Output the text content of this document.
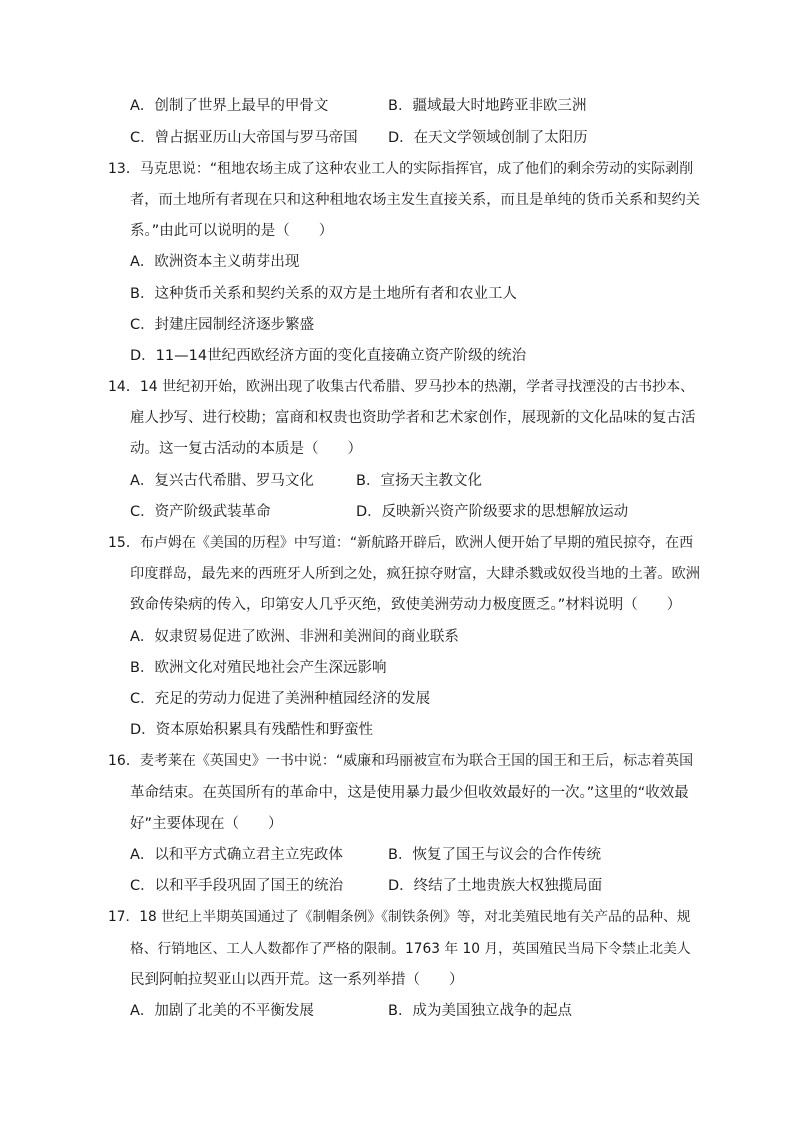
A．创制了世界上最早的甲骨文	B．疆域最大时地跨亚非欧三洲
C．曾占据亚历山大帝国与罗马帝国 D．在天文学领域创制了太阳历
13．马克思说：“租地农场主成了这种农业工人的实际指挥官，成了他们的剩余劳动的实际剥削
者，而土地所有者现在只和这种租地农场主发生直接关系，而且是单纯的货币关系和契约关
系。”由此可以说明的是（　　）
A．欧洲资本主义萌芽出现
B．这种货币关系和契约关系的双方是土地所有者和农业工人
C．封建庄园制经济逐步繁盛
D．11—14世纪西欧经济方面的变化直接确立资产阶级的统治
14．14 世纪初开始，欧洲出现了收集古代希腊、罗马抄本的热潮，学者寻找湮没的古书抄本、
雇人抄写、进行校勘；富商和权贵也资助学者和艺术家创作，展现新的文化品味的复古活
动。这一复古活动的本质是（　　）
A．复兴古代希腊、罗马文化	B．宣扬天主教文化
C．资产阶级武装革命	D．反映新兴资产阶级要求的思想解放运动
15．布卢姆在《美国的历程》中写道：“新航路开辟后，欧洲人便开始了早期的殖民掠夺，在西
印度群岛，最先来的西班牙人所到之处，疯狂掠夺财富，大肆杀戮或奴役当地的土著。欧洲
致命传染病的传入，印第安人几乎灭绝，致使美洲劳动力极度匮乏。”材料说明（　　）
A．奴隶贸易促进了欧洲、非洲和美洲间的商业联系
B．欧洲文化对殖民地社会产生深远影响
C．充足的劳动力促进了美洲种植园经济的发展
D．资本原始积累具有残酷性和野蛮性
16．麦考莱在《英国史》一书中说：“威廉和玛丽被宣布为联合王国的国王和王后，标志着英国
革命结束。在英国所有的革命中，这是使用暴力最少但收效最好的一次。”这里的“收效最
好”主要体现在（　　）
A．以和平方式确立君主立宪政体	B．恢复了国王与议会的合作传统
C．以和平手段巩固了国王的统治	D．终结了土地贵族大权独揽局面
17．18 世纪上半期英国通过了《制帽条例》《制铁条例》等，对北美殖民地有关产品的品种、规
格、行销地区、工人人数都作了严格的限制。1763 年 10 月，英国殖民当局下令禁止北美人
民到阿帕拉契亚山以西开荒。这一系列举措（　　）
A．加剧了北美的不平衡发展	B．成为美国独立战争的起点
